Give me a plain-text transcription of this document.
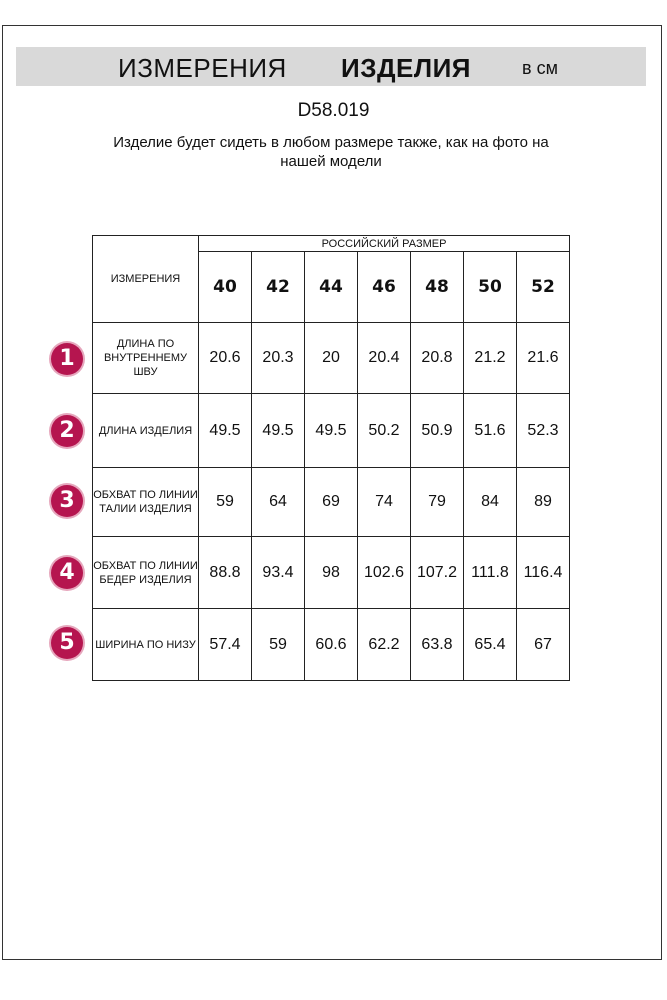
ИЗМЕРЕНИЯ ИЗДЕЛИЯ	в см
D58.019
Изделие будет сидеть в любом размере также, как на фото на нашей модели
ИЗМЕРЕНИЯ	РОССИЙСКИЙ РАЗМЕР						
	40	42	44	46	48	50	52
ДЛИНА ПО ВНУТРЕННЕМУ ШВУ	20.6	20.3	20	20.4	20.8	21.2	21.6
ДЛИНА ИЗДЕЛИЯ	49.5	49.5	49.5	50.2	50.9	51.6	52.3
ОБХВАТ ПО ЛИНИИ ТАЛИИ ИЗДЕЛИЯ	59	64	69	74	79	84	89
ОБХВАТ ПО ЛИНИИ БЕДЕР ИЗДЕЛИЯ	88.8	93.4	98	102.6	107.2	111.8	116.4
ШИРИНА ПО НИЗУ	57.4	59	60.6	62.2	63.8	65.4	67
1
2
3
4
5
